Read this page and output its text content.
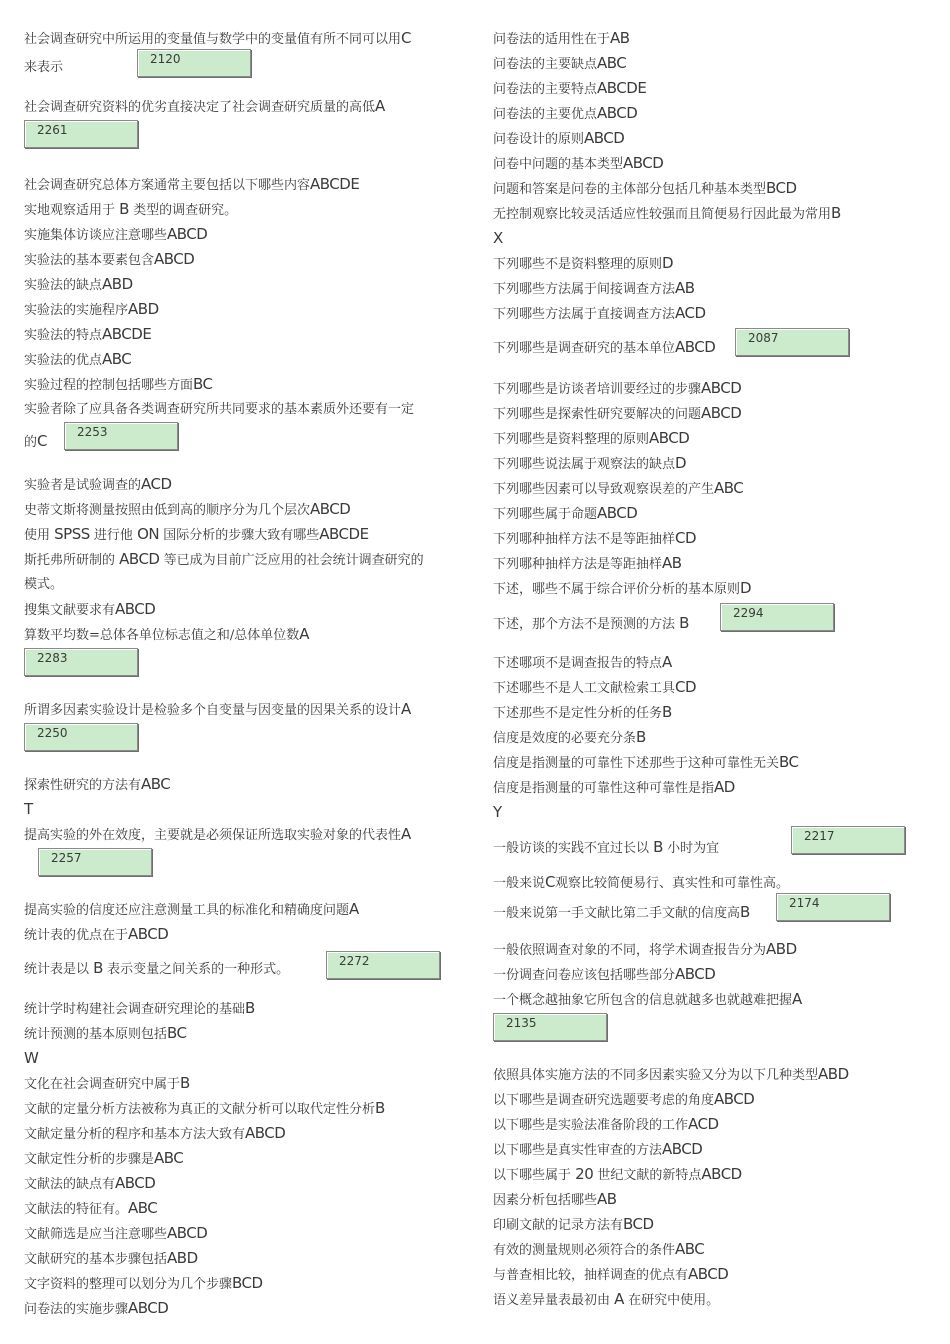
社会调查研究中所运用的变量值与数学中的变量值有所不同可以用C
来表示
2120
社会调查研究资料的优劣直接决定了社会调查研究质量的高低A
2261
社会调查研究总体方案通常主要包括以下哪些内容ABCDE
实地观察适用于 B 类型的调查研究。
实施集体访谈应注意哪些ABCD
实验法的基本要素包含ABCD
实验法的缺点ABD
实验法的实施程序ABD
实验法的特点ABCDE
实验法的优点ABC
实验过程的控制包括哪些方面BC
实验者除了应具备各类调查研究所共同要求的基本素质外还要有一定
的C	2253
实验者是试验调查的ACD
史蒂文斯将测量按照由低到高的顺序分为几个层次ABCD
使用 SPSS 进行他 ON 国际分析的步骤大致有哪些ABCDE
斯托弗所研制的 ABCD 等已成为目前广泛应用的社会统计调查研究的
模式。
搜集文献要求有ABCD
算数平均数=总体各单位标志值之和/总体单位数A
2283
所谓多因素实验设计是检验多个自变量与因变量的因果关系的设计A
2250
探索性研究的方法有ABC
T
提高实验的外在效度，主要就是必须保证所选取实验对象的代表性A
2257
提高实验的信度还应注意测量工具的标准化和精确度问题A
统计表的优点在于ABCD
统计表是以 B 表示变量之间关系的一种形式。
2272
统计学时构建社会调查研究理论的基础B
统计预测的基本原则包括BC
W
文化在社会调查研究中属于B
文献的定量分析方法被称为真正的文献分析可以取代定性分析B
文献定量分析的程序和基本方法大致有ABCD
文献定性分析的步骤是ABC
文献法的缺点有ABCD
文献法的特征有。ABC
文献筛选是应当注意哪些ABCD
文献研究的基本步骤包括ABD
文字资料的整理可以划分为几个步骤BCD
问卷法的实施步骤ABCD
问卷法的适用性在于AB
问卷法的主要缺点ABC
问卷法的主要特点ABCDE
问卷法的主要优点ABCD
问卷设计的原则ABCD
问卷中问题的基本类型ABCD
问题和答案是问卷的主体部分包括几种基本类型BCD
无控制观察比较灵活适应性较强而且简便易行因此最为常用B
X
下列哪些不是资料整理的原则D
下列哪些方法属于间接调查方法AB
下列哪些方法属于直接调查方法ACD
下列哪些是调查研究的基本单位ABCD	2087
下列哪些是访谈者培训要经过的步骤ABCD
下列哪些是探索性研究要解决的问题ABCD
下列哪些是资料整理的原则ABCD
下列哪些说法属于观察法的缺点D
下列哪些因素可以导致观察误差的产生ABC
下列哪些属于命题ABCD
下列哪种抽样方法不是等距抽样CD
下列哪种抽样方法是等距抽样AB
下述，哪些不属于综合评价分析的基本原则D
下述，那个方法不是预测的方法 B
2294
下述哪项不是调查报告的特点A
下述哪些不是人工文献检索工具CD
下述那些不是定性分析的任务B
信度是效度的必要充分条B
信度是指测量的可靠性下述那些于这种可靠性无关BC
信度是指测量的可靠性这种可靠性是指AD
Y
一般访谈的实践不宜过长以 B 小时为宜
2217
一般来说C观察比较简便易行、真实性和可靠性高。
一般来说第一手文献比第二手文献的信度高B	2174
一般依照调查对象的不同，将学术调查报告分为ABD
一份调查问卷应该包括哪些部分ABCD
一个概念越抽象它所包含的信息就越多也就越难把握A
2135
依照具体实施方法的不同多因素实验又分为以下几种类型ABD
以下哪些是调查研究选题要考虑的角度ABCD
以下哪些是实验法准备阶段的工作ACD
以下哪些是真实性审查的方法ABCD
以下哪些属于 20 世纪文献的新特点ABCD
因素分析包括哪些AB
印刷文献的记录方法有BCD
有效的测量规则必须符合的条件ABC
与普查相比较，抽样调查的优点有ABCD
语义差异量表最初由 A 在研究中使用。
